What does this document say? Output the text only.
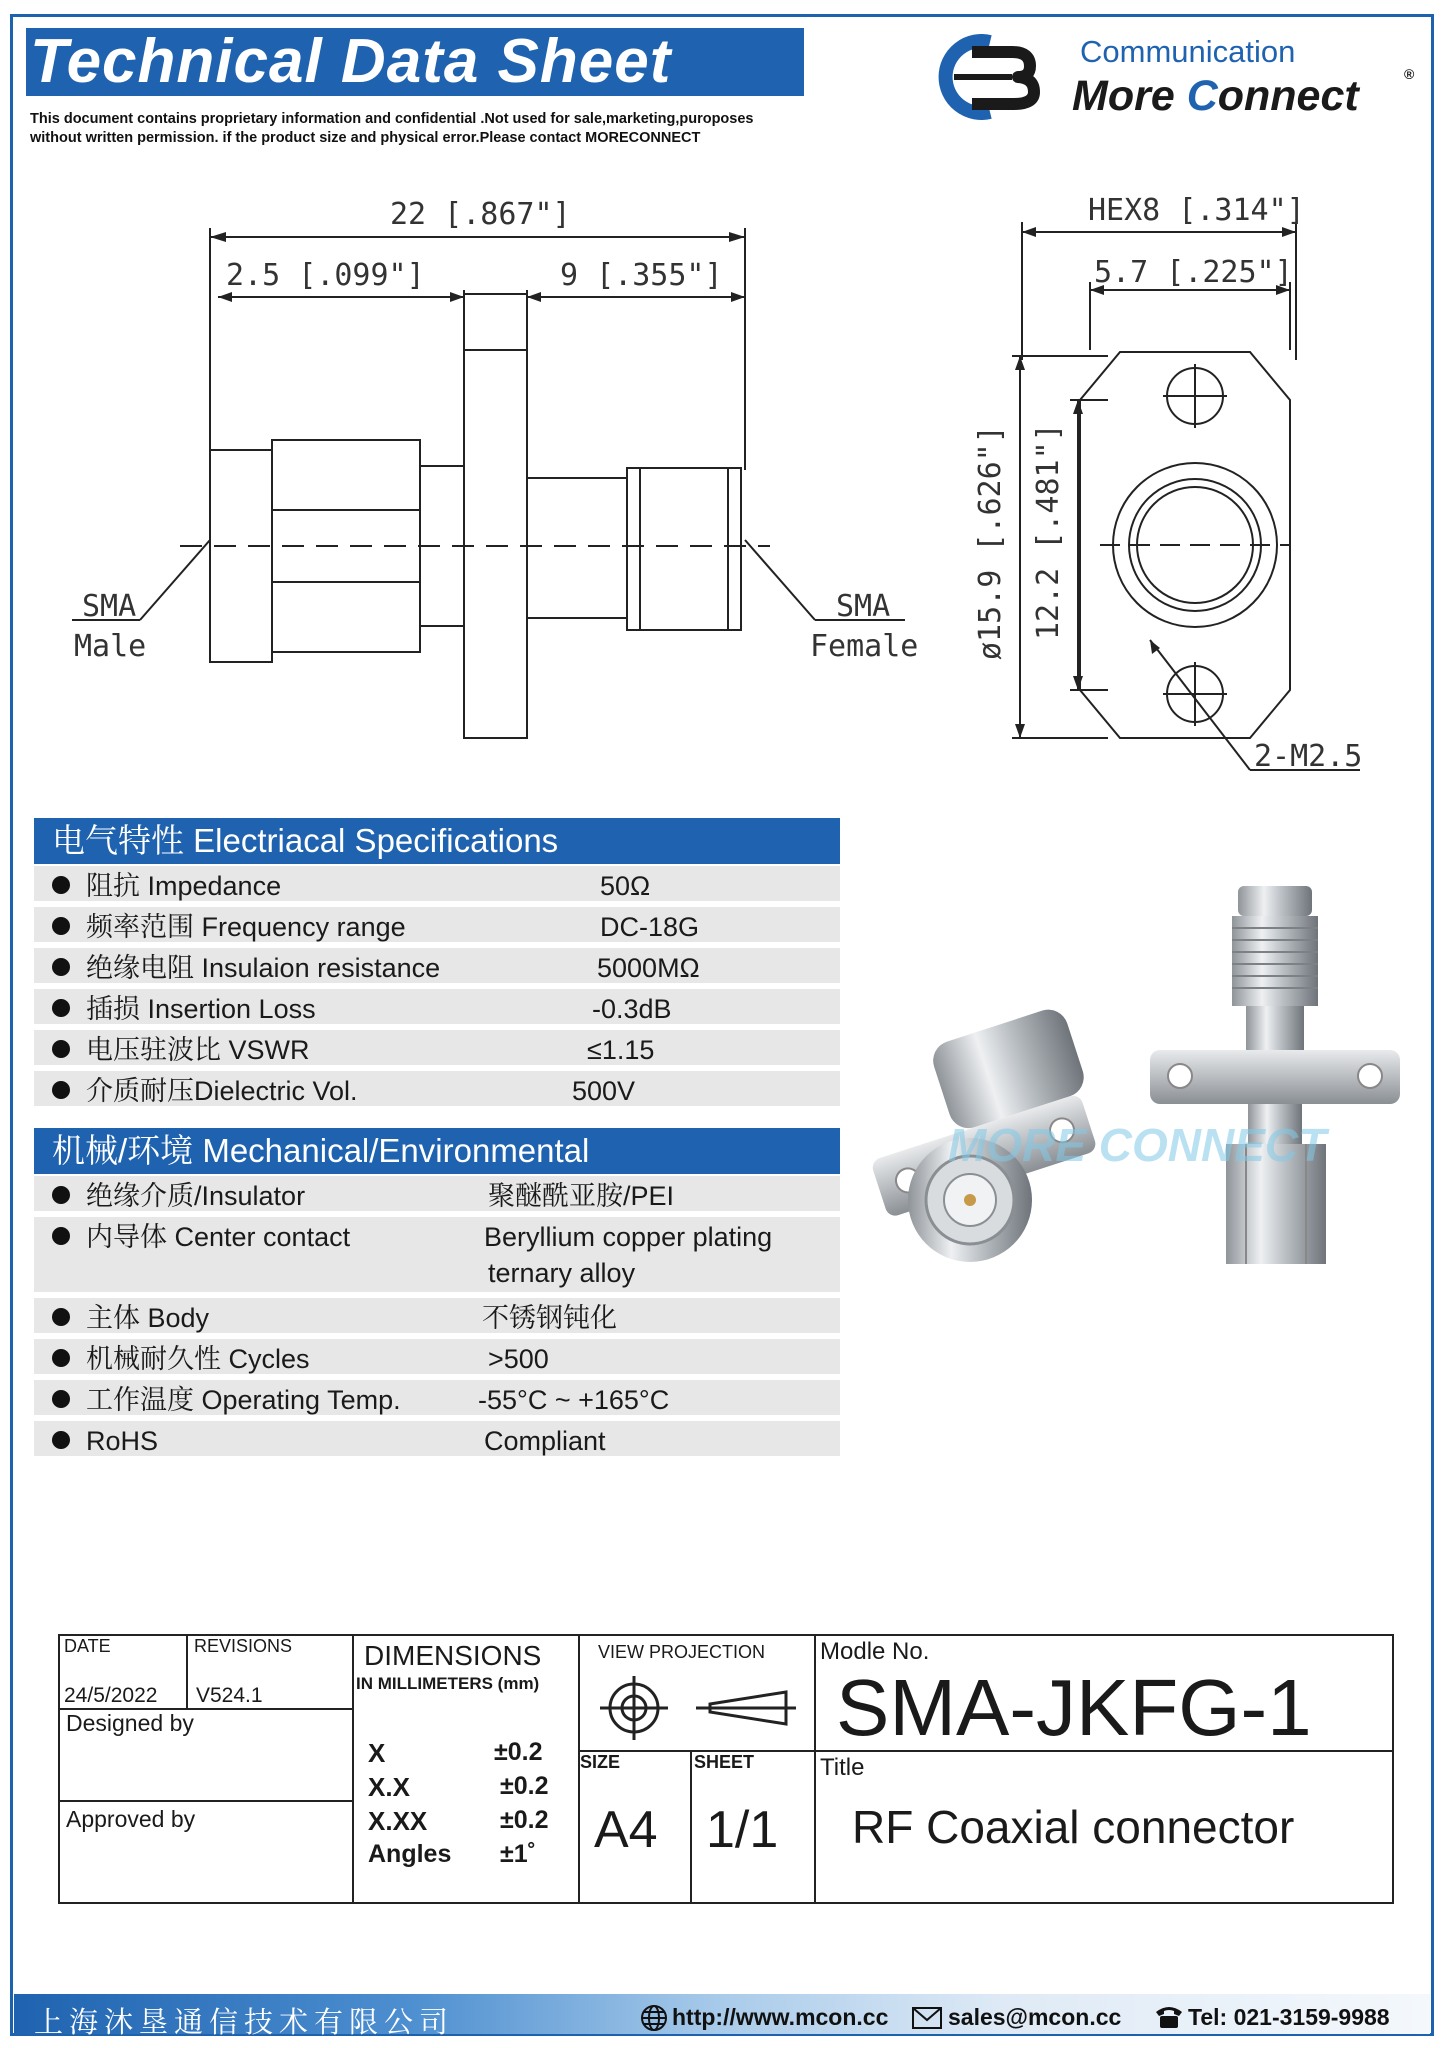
Technical Data Sheet
This document contains proprietary information and confidential .Not used for sale,marketing,puroposes
without written permission. if the product size and physical error.Please contact MORECONNECT
Communication
More Connect	®
22 [.867"]
2.5 [.099"]	9 [.355"]
SMA
Male
SMA
Female
HEX8 [.314"]
5.7 [.225"]
2-M2.5
ø15.9 [.626"] 12.2 [.481"]
电气特性 Electriacal Specifications
阻抗 Impedance	50Ω
频率范围 Frequency range	DC-18G
绝缘电阻 Insulaion resistance	5000MΩ
插损 Insertion Loss	-0.3dB
电压驻波比 VSWR	≤1.15
介质耐压Dielectric Vol.	500V
机械/环境 Mechanical/Environmental
绝缘介质/Insulator	聚醚酰亚胺/PEI
内导体 Center contact	Beryllium copper plating
ternary alloy
主体 Body	不锈钢钝化
机械耐久性 Cycles	>500
工作温度 Operating Temp.	-55°C ~ +165°C
RoHS	Compliant
MORE CONNECT
DATE	REVISIONS
24/5/2022 V524.1
Designed by
Approved by
DIMENSIONS
IN MILLIMETERS (mm)
X	±0.2
X.X	±0.2
X.XX	±0.2
Angles ±1˚
VIEW PROJECTION
SIZE
A4
SHEET
1/1
Modle No.
SMA-JKFG-1
Title
RF Coaxial connector
上海沐垦通信技术有限公司	http://www.mcon.cc	sales@mcon.cc	Tel: 021-3159-9988
